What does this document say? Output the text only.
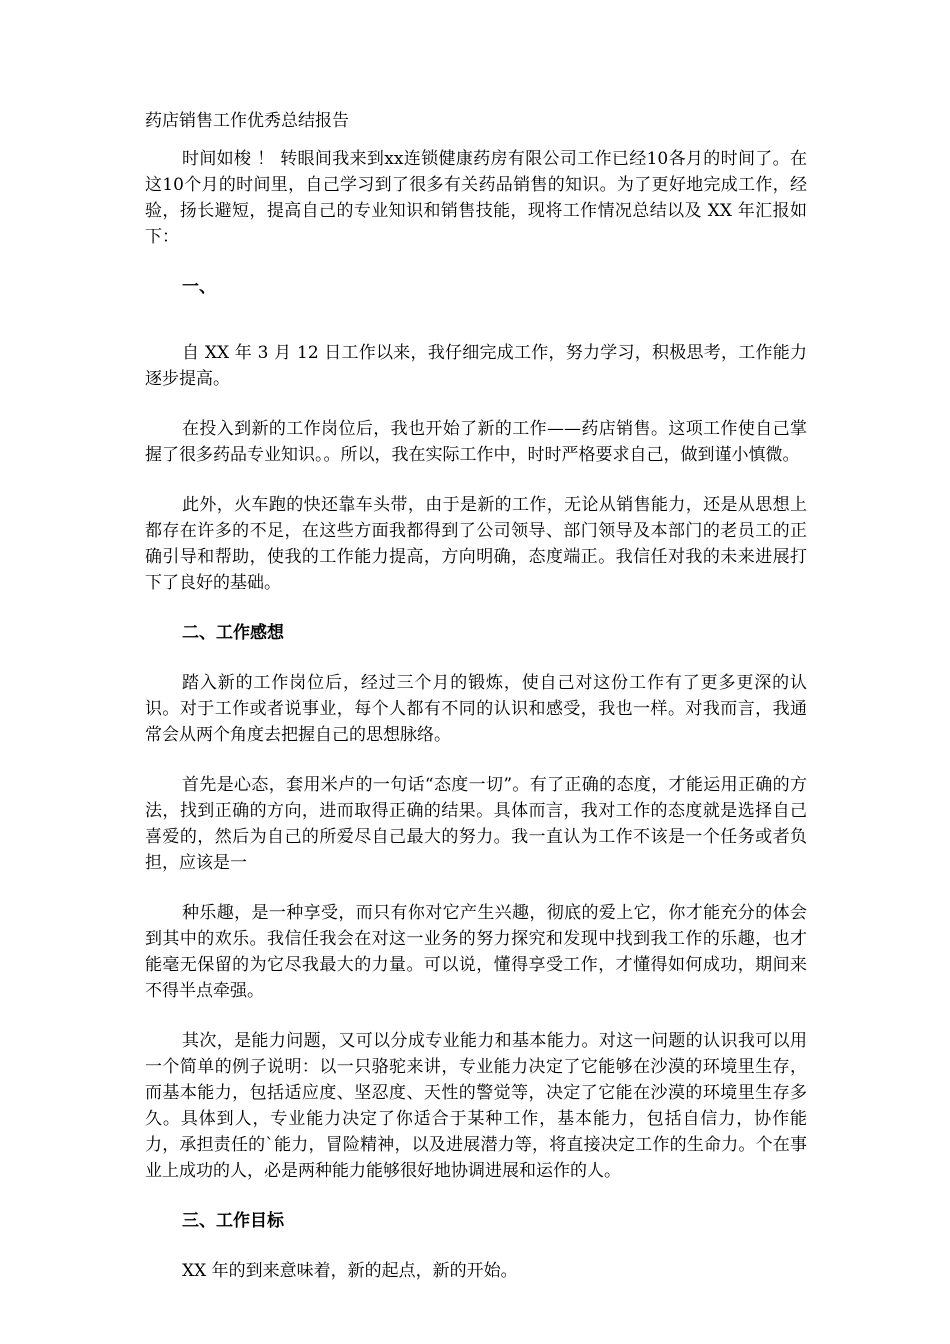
药店销售工作优秀总结报告
时间如梭 ！ 转眼间我来到xx连锁健康药房有限公司工作已经10各月的时间了。在这10个月的时间里，自己学习到了很多有关药品销售的知识。为了更好地完成工作，经验，扬长避短，提高自己的专业知识和销售技能，现将工作情况总结以及 XX 年汇报如下：
一、
自 XX 年 3 月 12 日工作以来，我仔细完成工作，努力学习，积极思考，工作能力逐步提高。
在投入到新的工作岗位后，我也开始了新的工作——药店销售。这项工作使自己掌握了很多药品专业知识。。所以，我在实际工作中，时时严格要求自己，做到谨小慎微。
此外，火车跑的快还靠车头带，由于是新的工作，无论从销售能力，还是从思想上都存在许多的不足，在这些方面我都得到了公司领导、部门领导及本部门的老员工的正确引导和帮助，使我的工作能力提高，方向明确，态度端正。我信任对我的未来进展打下了良好的基础。
二、工作感想
踏入新的工作岗位后，经过三个月的锻炼，使自己对这份工作有了更多更深的认识。对于工作或者说事业，每个人都有不同的认识和感受，我也一样。对我而言，我通常会从两个角度去把握自己的思想脉络。
首先是心态，套用米卢的一句话“态度一切”。有了正确的态度，才能运用正确的方法，找到正确的方向，进而取得正确的结果。具体而言，我对工作的态度就是选择自己喜爱的，然后为自己的所爱尽自己最大的努力。我一直认为工作不该是一个任务或者负担，应该是一
种乐趣，是一种享受，而只有你对它产生兴趣，彻底的爱上它，你才能充分的体会到其中的欢乐。我信任我会在对这一业务的努力探究和发现中找到我工作的乐趣，也才能毫无保留的为它尽我最大的力量。可以说，懂得享受工作，才懂得如何成功，期间来不得半点牵强。
其次，是能力问题，又可以分成专业能力和基本能力。对这一问题的认识我可以用一个简单的例子说明：以一只骆驼来讲，专业能力决定了它能够在沙漠的环境里生存，而基本能力，包括适应度、坚忍度、天性的警觉等，决定了它能在沙漠的环境里生存多久。具体到人，专业能力决定了你适合于某种工作，基本能力，包括自信力，协作能力，承担责任的`能力，冒险精神，以及进展潜力等，将直接决定工作的生命力。个在事业上成功的人，必是两种能力能够很好地协调进展和运作的人。
三、工作目标
XX 年的到来意味着，新的起点，新的开始。
